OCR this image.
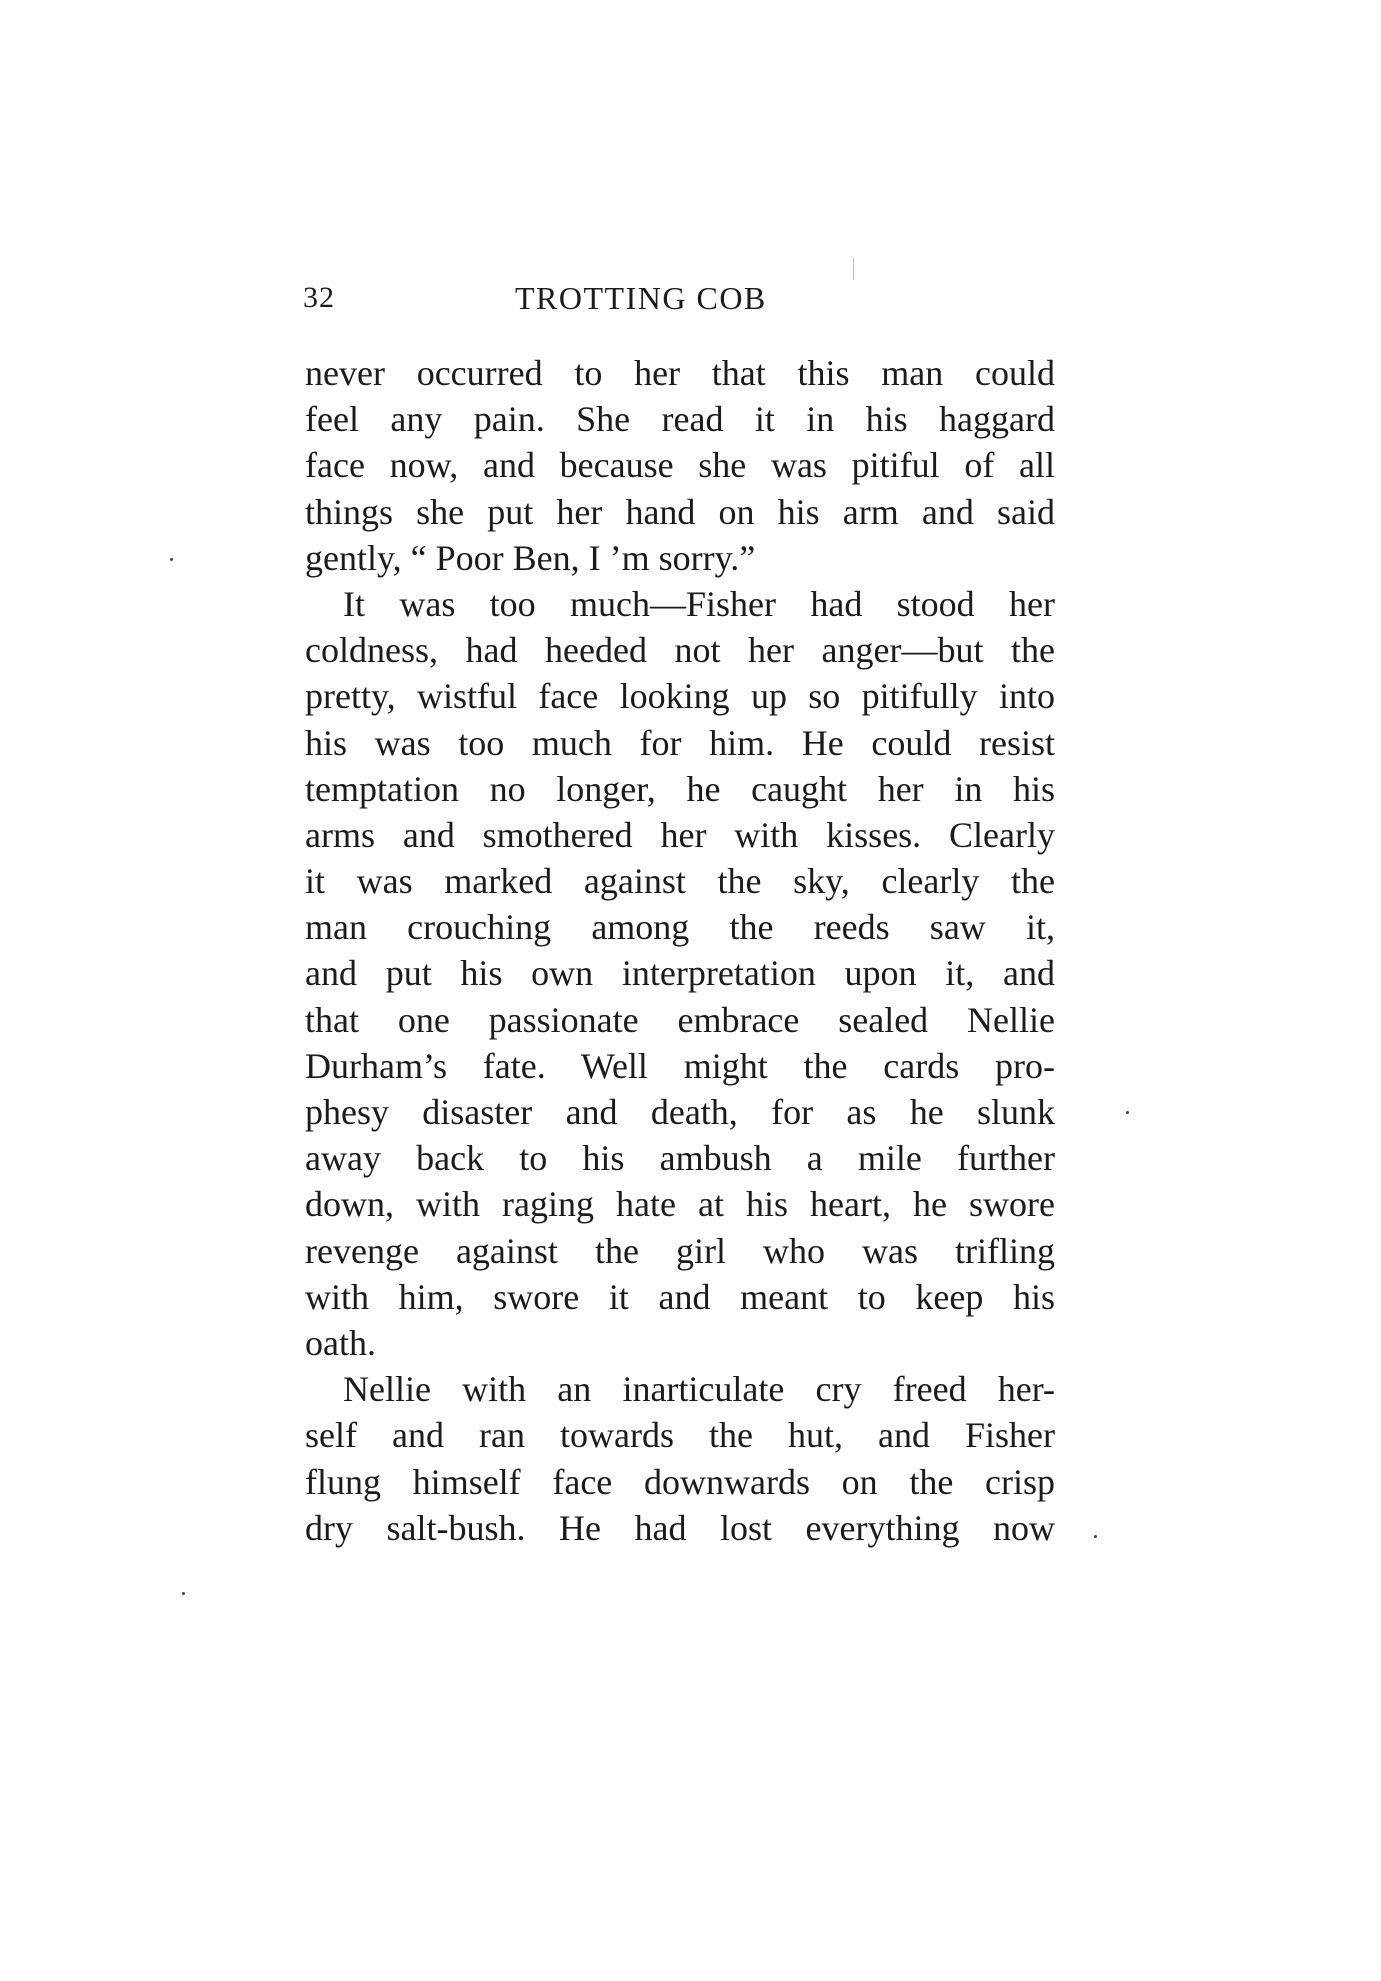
32	TROTTING COB
never occurred to her that this man could
feel any pain. She read it in his haggard
face now, and because she was pitiful of all
things she put her hand on his arm and said
gently, “ Poor Ben, I ’m sorry.”
It was too much—Fisher had stood her
coldness, had heeded not her anger—but the
pretty, wistful face looking up so pitifully into
his was too much for him. He could resist
temptation no longer, he caught her in his
arms and smothered her with kisses. Clearly
it was marked against the sky, clearly the
man crouching among the reeds saw it,
and put his own interpretation upon it, and
that one passionate embrace sealed Nellie
Durham’s fate. Well might the cards pro-
phesy disaster and death, for as he slunk
away back to his ambush a mile further
down, with raging hate at his heart, he swore
revenge against the girl who was trifling
with him, swore it and meant to keep his
oath.
Nellie with an inarticulate cry freed her-
self and ran towards the hut, and Fisher
flung himself face downwards on the crisp
dry salt-bush. He had lost everything now
